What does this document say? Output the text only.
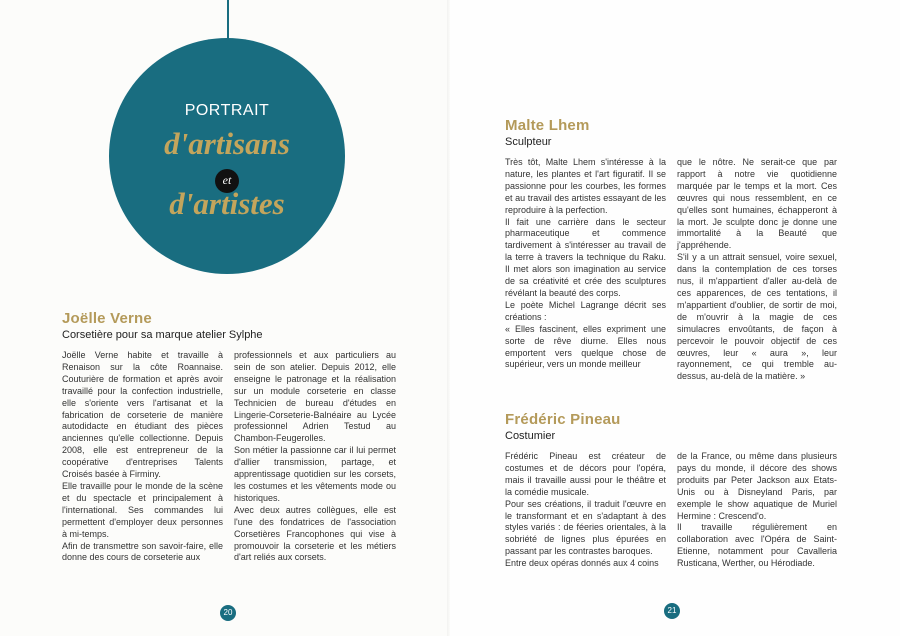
PORTRAIT
d'artisans
et
d'artistes
Joëlle Verne
Corsetière pour sa marque atelier Sylphe

Joëlle Verne habite et travaille à Renaison sur la côte Roannaise. Couturière de formation et après avoir travaillé pour la confection industrielle, elle s'oriente vers l'artisanat et la fabrication de corseterie de manière autodidacte en étudiant des pièces anciennes qu'elle collectionne. Depuis 2008, elle est entrepreneur de la coopérative d'entreprises Talents Croisés basée à Firminy.

Elle travaille pour le monde de la scène et du spectacle et principalement à l'international. Ses commandes lui permettent d'employer deux personnes à mi-temps.

Afin de transmettre son savoir-faire, elle donne des cours de corseterie aux

professionnels et aux particuliers au sein de son atelier. Depuis 2012, elle enseigne le patronage et la réalisation sur un module corseterie en classe Technicien de bureau d'études en Lingerie-Corseterie-Balnéaire au Lycée professionnel Adrien Testud au Chambon-Feugerolles.

Son métier la passionne car il lui permet d'allier transmission, partage, et apprentissage quotidien sur les corsets, les costumes et les vêtements mode ou historiques.

Avec deux autres collègues, elle est l'une des fondatrices de l'association Corsetières Francophones qui vise à promouvoir la corseterie et les métiers d'art reliés aux corsets.

20
Malte Lhem
Sculpteur

Très tôt, Malte Lhem s'intéresse à la nature, les plantes et l'art figuratif. Il se passionne pour les courbes, les formes et au travail des artistes essayant de les reproduire à la perfection.

Il fait une carrière dans le secteur pharmaceutique et commence tardivement à s'intéresser au travail de la terre à travers la technique du Raku. Il met alors son imagination au service de sa créativité et crée des sculptures révélant la beauté des corps.

Le poète Michel Lagrange décrit ses créations :

« Elles fascinent, elles expriment une sorte de rêve diurne. Elles nous emportent vers quelque chose de supérieur, vers un monde meilleur

que le nôtre. Ne serait-ce que par rapport à notre vie quotidienne marquée par le temps et la mort. Ces œuvres qui nous ressemblent, en ce qu'elles sont humaines, échapperont à la mort. Je sculpte donc je donne une immortalité à la Beauté que j'appréhende.

S'il y a un attrait sensuel, voire sexuel, dans la contemplation de ces torses nus, il m'appartient d'aller au-delà de ces apparences, de ces tentations, il m'appartient d'oublier, de sortir de moi, de m'ouvrir à la magie de ces simulacres envoûtants, de façon à percevoir le pouvoir objectif de ces œuvres, leur « aura », leur rayonnement, ce qui tremble au-dessus, au-delà de la matière. »

Frédéric Pineau
Costumier

Frédéric Pineau est créateur de costumes et de décors pour l'opéra, mais il travaille aussi pour le théâtre et la comédie musicale.

Pour ses créations, il traduit l'œuvre en le transformant et en s'adaptant à des styles variés : de féeries orientales, à la sobriété de lignes plus épurées en passant par les contrastes baroques.

Entre deux opéras donnés aux 4 coins

de la France, ou même dans plusieurs pays du monde, il décore des shows produits par Peter Jackson aux Etats-Unis ou à Disneyland Paris, par exemple le show aquatique de Muriel Hermine : Crescend'o.

Il travaille régulièrement en collaboration avec l'Opéra de Saint-Etienne, notamment pour Cavalleria Rusticana, Werther, ou Hérodiade.

21
